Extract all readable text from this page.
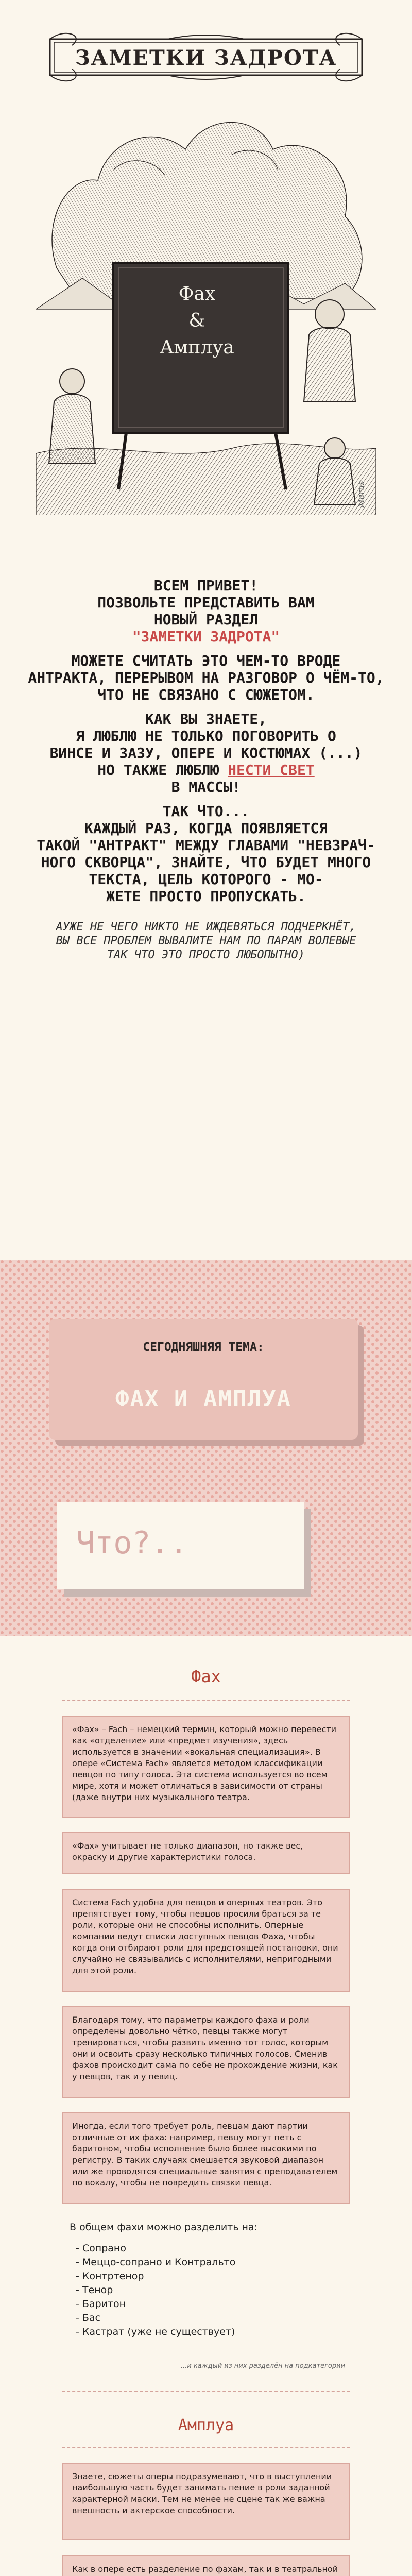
ЗАМЕТКИ ЗАДРОТА
Фах
&
Амплуа
Marus
ВСЕМ ПРИВЕТ!
ПОЗВОЛЬТЕ ПРЕДСТАВИТЬ ВАМ
НОВЫЙ РАЗДЕЛ
"ЗАМЕТКИ ЗАДРОТА"
МОЖЕТЕ СЧИТАТЬ ЭТО ЧЕМ-ТО ВРОДЕ
АНТРАКТА, ПЕРЕРЫВОМ НА РАЗГОВОР О ЧЁМ-ТО,
ЧТО НЕ СВЯЗАНО С СЮЖЕТОМ.
КАК ВЫ ЗНАЕТЕ,
Я ЛЮБЛЮ НЕ ТОЛЬКО ПОГОВОРИТЬ О
ВИНСЕ И ЗАЗУ, ОПЕРЕ И КОСТЮМАХ (...)
НО ТАКЖЕ ЛЮБЛЮ НЕСТИ СВЕТ
В МАССЫ!
ТАК ЧТО...
КАЖДЫЙ РАЗ, КОГДА ПОЯВЛЯЕТСЯ
ТАКОЙ "АНТРАКТ" МЕЖДУ ГЛАВАМИ "НЕВЗРАЧ-
НОГО СКВОРЦА", ЗНАЙТЕ, ЧТО БУДЕТ МНОГО
ТЕКСТА, ЦЕЛЬ КОТОРОГО - МО-
ЖЕТЕ ПРОСТО ПРОПУСКАТЬ.
АУЖЕ НЕ ЧЕГО НИКТО НЕ ИЖДЕВЯТЬСЯ ПОДЧЕРКНЁТ,
ВЫ ВСЕ ПРОБЛЕМ ВЫВАЛИТЕ НАМ ПО ПАРАМ ВОЛЕВЫЕ
ТАК ЧТО ЭТО ПРОСТО ЛЮБОПЫТНО)
СЕГОДНЯШНЯЯ ТЕМА:
ФАХ И АМПЛУА
Что?..
Фах

«Фах» – Fach – немецкий термин, который можно перевести как «отделение» или «предмет изучения», здесь используется в значении «вокальная специализация». В опере «Система Fach» является методом классификации певцов по типу голоса. Эта система используется во всем мире, хотя и может отличаться в зависимости от страны (даже внутри них музыкального театра.

«Фах» учитывает не только диапазон, но также вес, окраску и другие характеристики голоса.

Система Fach удобна для певцов и оперных театров. Это препятствует тому, чтобы певцов просили браться за те роли, которые они не способны исполнить. Оперные компании ведут списки доступных певцов Фаха, чтобы когда они отбирают роли для предстоящей постановки, они случайно не связывались с исполнителями, непригодными для этой роли.

Благодаря тому, что параметры каждого фаха и роли определены довольно чётко, певцы также могут тренироваться, чтобы развить именно тот голос, которым они и освоить сразу несколько типичных голосов. Сменив фахов происходит сама по себе не прохождение жизни, как у певцов, так и у певиц.

Иногда, если того требует роль, певцам дают партии отличные от их фаха: например, певцу могут петь с баритоном, чтобы исполнение было более высокими по регистру. В таких случаях смешается звуковой диапазон или же проводятся специальные занятия с преподавателем по вокалу, чтобы не повредить связки певца.

В общем фахи можно разделить на:
- Сопрано
- Меццо-сопрано и Контральто
- Контртенор
- Тенор
- Баритон
- Бас
- Кастрат (уже не существует)
...и каждый из них разделён на подкатегории
Амплуа

Знаете, сюжеты оперы подразумевают, что в выступлении наибольшую часть будет занимать пение в роли заданной характерной маски. Тем не менее не сцене так же важна внешность и актерское способности.

Как в опере есть разделение по фахам, так и в театральной
